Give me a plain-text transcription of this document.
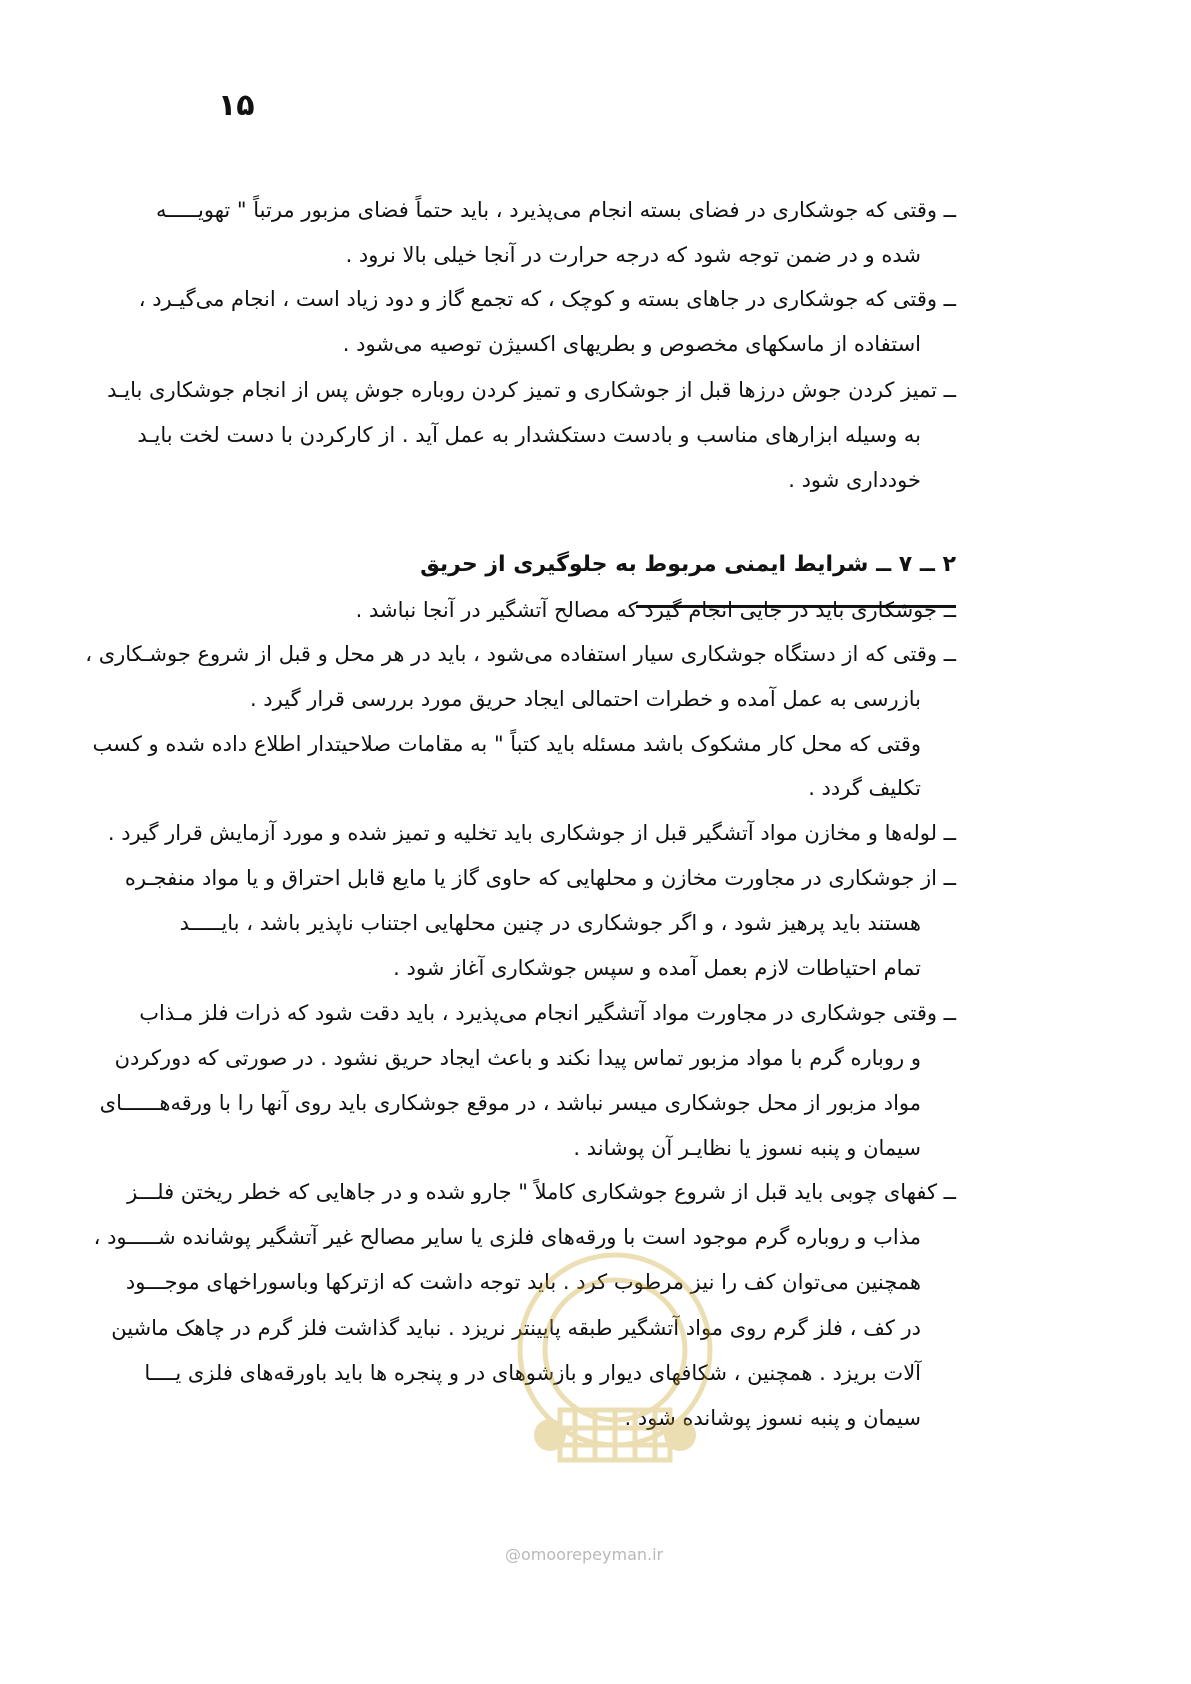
۱۵
ــ وقتی که جوشکاری در فضای بسته انجام می‌پذیرد ، باید حتماً فضای مزبور مرتباً " تهویـــــه
شده و در ضمن توجه شود که درجه حرارت در آنجا خیلی بالا نرود .
ــ وقتی که جوشکاری در جاهای بسته و کوچک ، که تجمع گاز و دود زیاد است ، انجام می‌گیـرد ،
استفاده از ماسکهای مخصوص و بطریهای اکسیژن توصیه می‌شود .
ــ تمیز کردن جوش درزها قبل از جوشکاری و تمیز کردن روباره جوش پس از انجام جوشکاری بایـد
به وسیله ابزارهای مناسب و بادست دستکشدار به عمل آید . از کارکردن با دست لخت بایـد
خودداری شود .
۲ ــ ۷ ــ شرایط ایمنی مربوط به جلوگیری از حریق
ــ جوشکاری باید در جایی انجام گیرد که مصالح آتشگیر در آنجا نباشد .
ــ وقتی که از دستگاه جوشکاری سیار استفاده می‌شود ، باید در هر محل و قبل از شروع جوشـکاری ،
بازرسی به عمل آمده و خطرات احتمالی ایجاد حریق مورد بررسی قرار گیرد .
وقتی که محل کار مشکوک باشد مسئله باید کتباً " به مقامات صلاحیتدار اطلاع داده شده و کسب
تکلیف گردد .
ــ لوله‌ها و مخازن مواد آتشگیر قبل از جوشکاری باید تخلیه و تمیز شده و مورد آزمایش قرار گیرد .
ــ از جوشکاری در مجاورت مخازن و محلهایی که حاوی گاز یا مایع قابل احتراق و یا مواد منفجـره
هستند باید پرهیز شود ، و اگر جوشکاری در چنین محلهایی اجتناب ناپذیر باشد ، بایـــــد
تمام احتیاطات لازم بعمل آمده و سپس جوشکاری آغاز شود .
ــ وقتی جوشکاری در مجاورت مواد آتشگیر انجام می‌پذیرد ، باید دقت شود که ذرات فلز مـذاب
و روباره گرم با مواد مزبور تماس پیدا نکند و باعث ایجاد حریق نشود . در صورتی که دورکردن
مواد مزبور از محل جوشکاری میسر نباشد ، در موقع جوشکاری باید روی آنها را با ورقه‌هــــــای
سیمان و پنبه نسوز یا نظایـر آن پوشاند .
ــ کفهای چوبی باید قبل از شروع جوشکاری کاملاً " جارو شده و در جاهایی که خطر ریختن فلـــز
مذاب و روباره گرم موجود است با ورقه‌های فلزی یا سایر مصالح غیر آتشگیر پوشانده شـــــود ،
همچنین می‌توان کف را نیز مرطوب کرد . باید توجه داشت که ازترکها وباسوراخهای موجـــود
در کف ، فلز گرم روی مواد آتشگیر طبقه پایینتر نریزد . نباید گذاشت فلز گرم در چاهک ماشین
آلات بریزد . همچنین ، شکافهای دیوار و بازشوهای در و پنجره ها باید باورقه‌های فلزی یــــا
سیمان و پنبه نسوز پوشانده شود .
@omoorepeyman.ir
